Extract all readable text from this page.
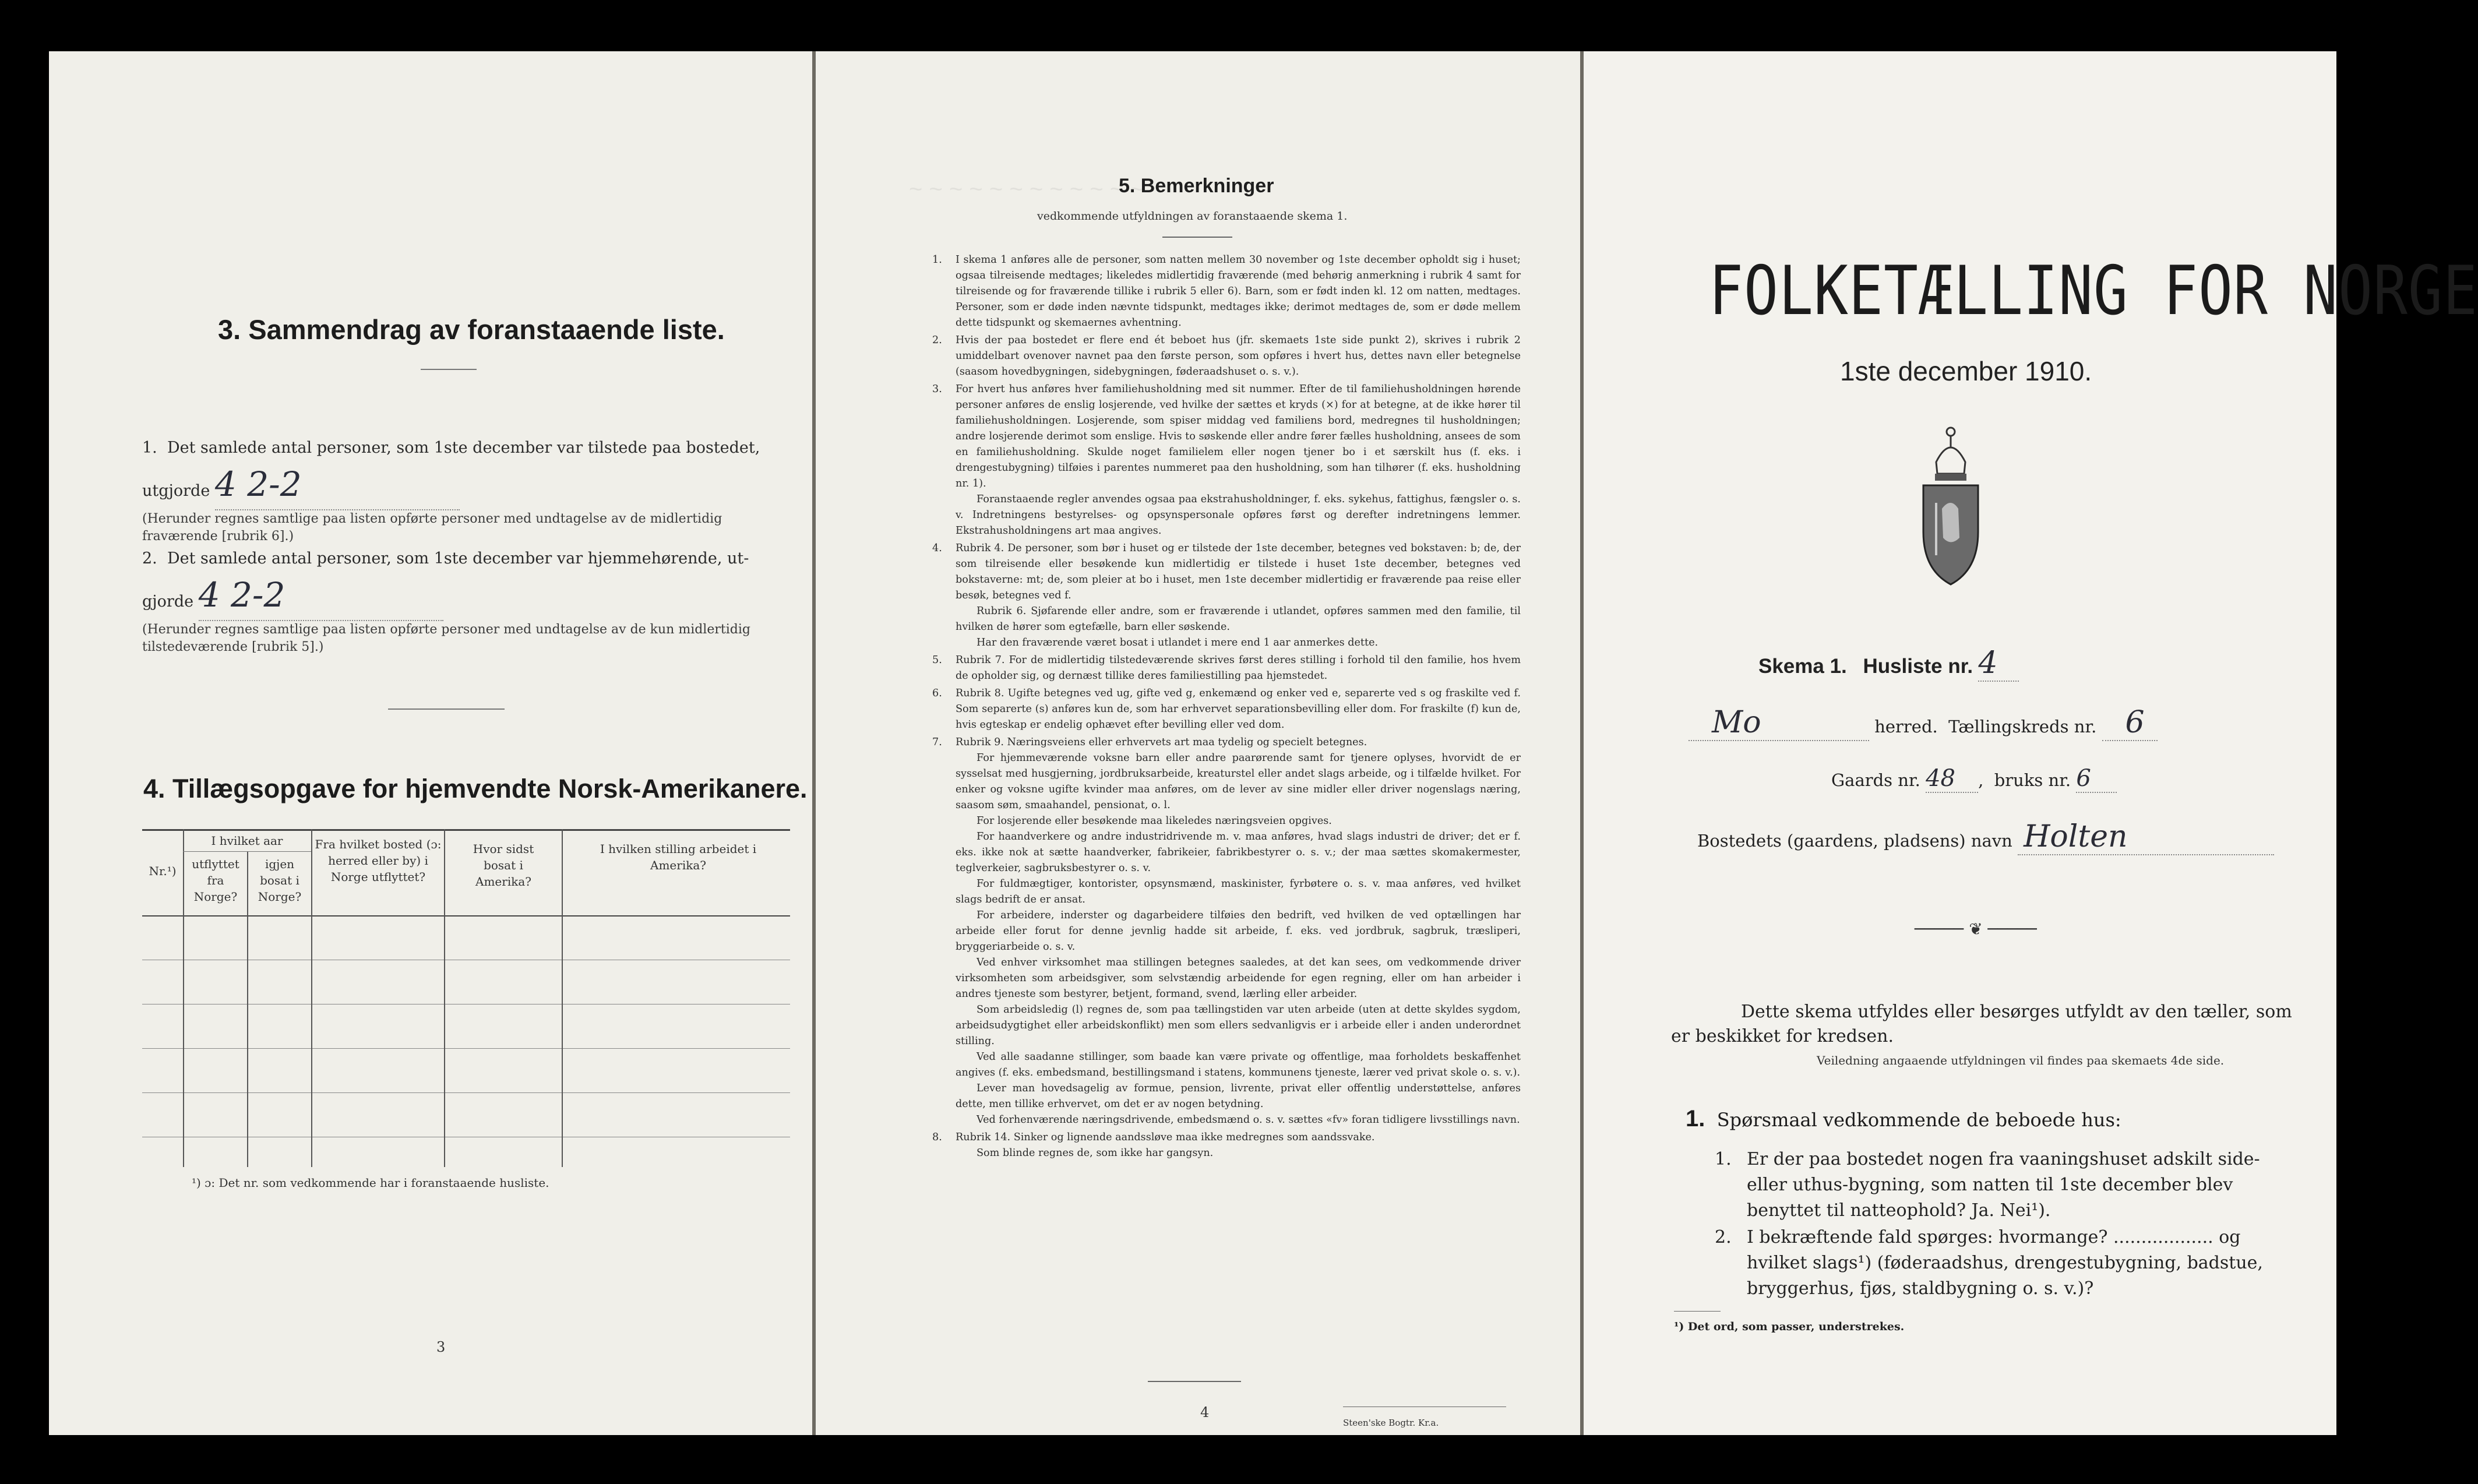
3. Sammendrag av foranstaaende liste.
1. Det samlede antal personer, som 1ste december var tilstede paa bostedet,
utgjorde 4 2-2
(Herunder regnes samtlige paa listen opførte personer med undtagelse av de midlertidig fraværende [rubrik 6].)
2. Det samlede antal personer, som 1ste december var hjemmehørende, ut-
gjorde 4 2-2
(Herunder regnes samtlige paa listen opførte personer med undtagelse av de kun midlertidig tilstedeværende [rubrik 5].)
4. Tillægsopgave for hjemvendte Norsk-Amerikanere.
Nr.¹)
I hvilket aar
utflyttet fra Norge?
igjen bosat i Norge?
Fra hvilket bosted (ɔ: herred eller by) i Norge utflyttet?
Hvor sidst bosat i Amerika?
I hvilken stilling arbeidet i Amerika?
¹) ɔ: Det nr. som vedkommende har i foranstaaende husliste.
3
~ ~ ~ ~ ~ ~ ~ ~ ~ ~ ~ ~
5. Bemerkninger
vedkommende utfyldningen av foranstaaende skema 1.
1. I skema 1 anføres alle de personer, som natten mellem 30 november og 1ste december opholdt sig i huset; ogsaa tilreisende medtages; likeledes midlertidig fraværende (med behørig anmerkning i rubrik 4 samt for tilreisende og for fraværende tillike i rubrik 5 eller 6). Barn, som er født inden kl. 12 om natten, medtages. Personer, som er døde inden nævnte tidspunkt, medtages ikke; derimot medtages de, som er døde mellem dette tidspunkt og skemaernes avhentning.

2. Hvis der paa bostedet er flere end ét beboet hus (jfr. skemaets 1ste side punkt 2), skrives i rubrik 2 umiddelbart ovenover navnet paa den første person, som opføres i hvert hus, dettes navn eller betegnelse (saasom hovedbygningen, sidebygningen, føderaadshuset o. s. v.).

3. For hvert hus anføres hver familiehusholdning med sit nummer. Efter de til familiehusholdningen hørende personer anføres de enslig losjerende, ved hvilke der sættes et kryds (×) for at betegne, at de ikke hører til familiehusholdningen. Losjerende, som spiser middag ved familiens bord, medregnes til husholdningen; andre losjerende derimot som enslige. Hvis to søskende eller andre fører fælles husholdning, ansees de som en familiehusholdning. Skulde noget familielem eller nogen tjener bo i et særskilt hus (f. eks. i drengestubygning) tilføies i parentes nummeret paa den husholdning, som han tilhører (f. eks. husholdning nr. 1).

Foranstaaende regler anvendes ogsaa paa ekstrahusholdninger, f. eks. sykehus, fattighus, fængsler o. s. v. Indretningens bestyrelses- og opsynspersonale opføres først og derefter indretningens lemmer. Ekstrahusholdningens art maa angives.

4. Rubrik 4. De personer, som bør i huset og er tilstede der 1ste december, betegnes ved bokstaven: b; de, der som tilreisende eller besøkende kun midlertidig er tilstede i huset 1ste december, betegnes ved bokstaverne: mt; de, som pleier at bo i huset, men 1ste december midlertidig er fraværende paa reise eller besøk, betegnes ved f.

Rubrik 6. Sjøfarende eller andre, som er fraværende i utlandet, opføres sammen med den familie, til hvilken de hører som egtefælle, barn eller søskende.

Har den fraværende været bosat i utlandet i mere end 1 aar anmerkes dette.

5. Rubrik 7. For de midlertidig tilstedeværende skrives først deres stilling i forhold til den familie, hos hvem de opholder sig, og dernæst tillike deres familiestilling paa hjemstedet.

6. Rubrik 8. Ugifte betegnes ved ug, gifte ved g, enkemænd og enker ved e, separerte ved s og fraskilte ved f. Som separerte (s) anføres kun de, som har erhvervet separationsbevilling eller dom. For fraskilte (f) kun de, hvis egteskap er endelig ophævet efter bevilling eller ved dom.

7. Rubrik 9. Næringsveiens eller erhvervets art maa tydelig og specielt betegnes.

For hjemmeværende voksne barn eller andre paarørende samt for tjenere oplyses, hvorvidt de er sysselsat med husgjerning, jordbruksarbeide, kreaturstel eller andet slags arbeide, og i tilfælde hvilket. For enker og voksne ugifte kvinder maa anføres, om de lever av sine midler eller driver nogenslags næring, saasom søm, smaahandel, pensionat, o. l.

For losjerende eller besøkende maa likeledes næringsveien opgives.

For haandverkere og andre industridrivende m. v. maa anføres, hvad slags industri de driver; det er f. eks. ikke nok at sætte haandverker, fabrikeier, fabrikbestyrer o. s. v.; der maa sættes skomakermester, teglverkeier, sagbruksbestyrer o. s. v.

For fuldmægtiger, kontorister, opsynsmænd, maskinister, fyrbøtere o. s. v. maa anføres, ved hvilket slags bedrift de er ansat.

For arbeidere, inderster og dagarbeidere tilføies den bedrift, ved hvilken de ved optællingen har arbeide eller forut for denne jevnlig hadde sit arbeide, f. eks. ved jordbruk, sagbruk, træsliperi, bryggeriarbeide o. s. v.

Ved enhver virksomhet maa stillingen betegnes saaledes, at det kan sees, om vedkommende driver virksomheten som arbeidsgiver, som selvstændig arbeidende for egen regning, eller om han arbeider i andres tjeneste som bestyrer, betjent, formand, svend, lærling eller arbeider.

Som arbeidsledig (l) regnes de, som paa tællingstiden var uten arbeide (uten at dette skyldes sygdom, arbeidsudygtighet eller arbeidskonflikt) men som ellers sedvanligvis er i arbeide eller i anden underordnet stilling.

Ved alle saadanne stillinger, som baade kan være private og offentlige, maa forholdets beskaffenhet angives (f. eks. embedsmand, bestillingsmand i statens, kommunens tjeneste, lærer ved privat skole o. s. v.).

Lever man hovedsagelig av formue, pension, livrente, privat eller offentlig understøttelse, anføres dette, men tillike erhvervet, om det er av nogen betydning.

Ved forhenværende næringsdrivende, embedsmænd o. s. v. sættes «fv» foran tidligere livsstillings navn.

8. Rubrik 14. Sinker og lignende aandssløve maa ikke medregnes som aandssvake.

Som blinde regnes de, som ikke har gangsyn.

4
Steen'ske Bogtr. Kr.a.
FOLKETÆLLING FOR NORGE
1ste december 1910.
Skema 1. Husliste nr. 4
Mo	herred. Tællingskreds nr. 6
Gaards nr. 48 ,  bruks nr. 6
Bostedets (gaardens, pladsens) navn Holten
───── ❦ ─────
Dette skema utfyldes eller besørges utfyldt av den tæller, som er beskikket for kredsen.
Veiledning angaaende utfyldningen vil findes paa skemaets 4de side.
1. Spørsmaal vedkommende de beboede hus:
1. Er der paa bostedet nogen fra vaaningshuset adskilt side- eller uthus-bygning, som natten til 1ste december blev benyttet til natteophold? Ja. Nei¹).
2. I bekræftende fald spørges: hvormange? .................. og hvilket slags¹) (føderaadshus, drengestubygning, badstue, bryggerhus, fjøs, staldbygning o. s. v.)?
¹) Det ord, som passer, understrekes.
